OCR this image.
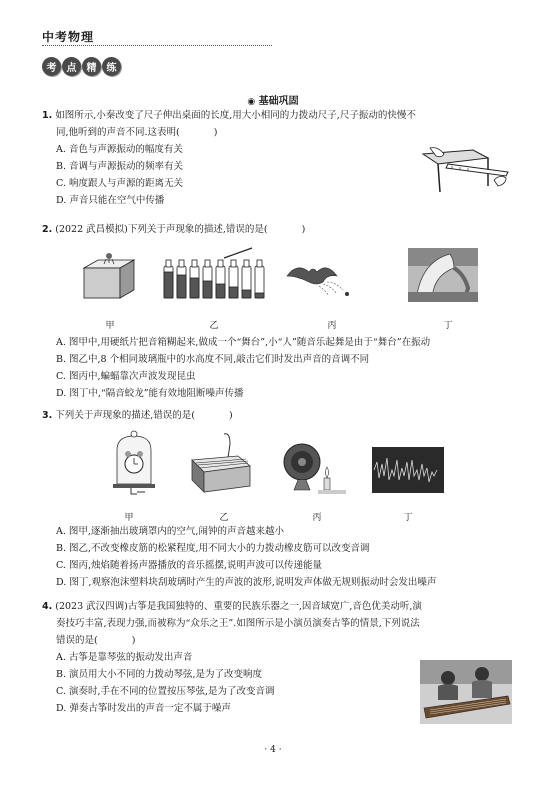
中考物理
考	点	精	练
◉ 基础巩固
1. 如图所示,小秦改变了尺子伸出桌面的长度,用大小相同的力拨动尺子,尺子振动的快慢不
同,他听到的声音不同.这表明(	)
A. 音色与声源振动的幅度有关
B. 音调与声源振动的频率有关
C. 响度跟人与声源的距离无关
D. 声音只能在空气中传播
2. (2022 武昌模拟)下列关于声现象的描述,错误的是(	)
甲	乙	丙	丁
A. 图甲中,用硬纸片把音箱糊起来,做成一个“舞台”,小“人”随音乐起舞是由于“舞台”在振动
B. 图乙中,8 个相同玻璃瓶中的水高度不同,敲击它们时发出声音的音调不同
C. 图丙中,蝙蝠靠次声波发现昆虫
D. 图丁中,“隔音蛟龙”能有效地阻断噪声传播
3. 下列关于声现象的描述,错误的是(	)
甲	乙	丙	丁
A. 图甲,逐渐抽出玻璃罩内的空气,闹钟的声音越来越小
B. 图乙,不改变橡皮筋的松紧程度,用不同大小的力拨动橡皮筋可以改变音调
C. 图丙,烛焰随着扬声器播放的音乐摇摆,说明声波可以传递能量
D. 图丁,观察泡沫塑料块刮玻璃时产生的声波的波形,说明发声体做无规则振动时会发出噪声
4. (2023 武汉四调)古筝是我国独特的、重要的民族乐器之一,因音域宽广,音色优美动听,演
奏技巧丰富,表现力强,而被称为“众乐之王”.如图所示是小演员演奏古筝的情景,下列说法
错误的是(	)
A. 古筝是靠琴弦的振动发出声音
B. 演员用大小不同的力拨动琴弦,是为了改变响度
C. 演奏时,手在不同的位置按压琴弦,是为了改变音调
D. 弹奏古筝时发出的声音一定不属于噪声
· 4 ·
